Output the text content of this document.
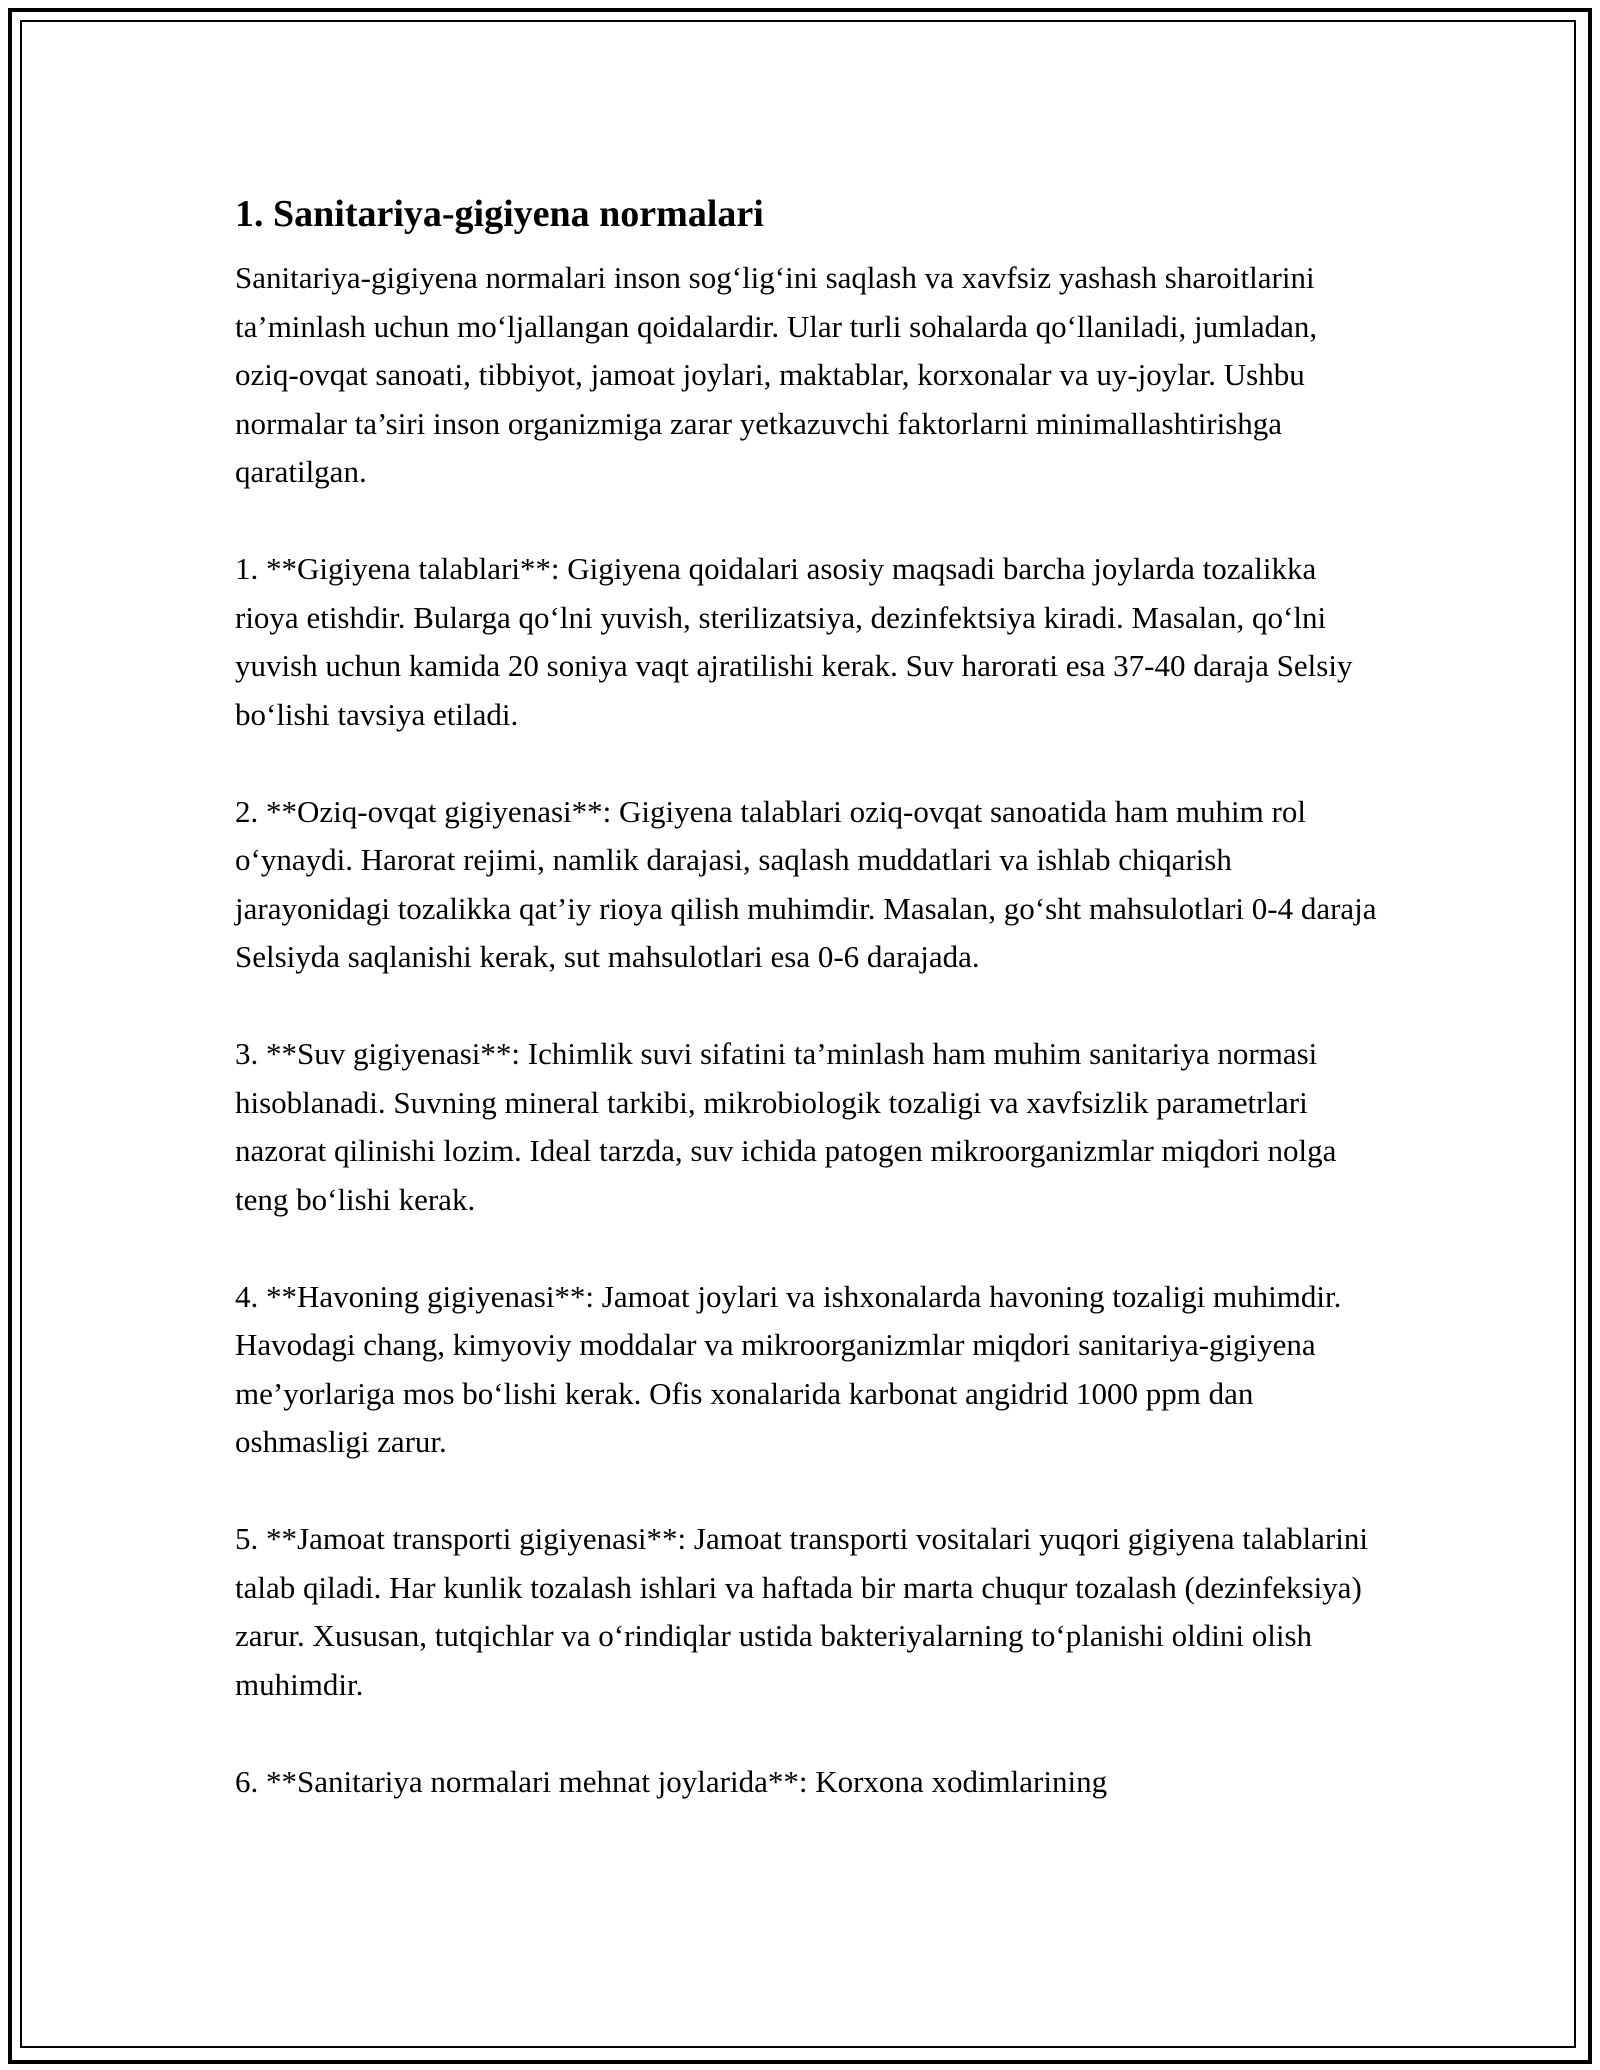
1. Sanitariya-gigiyena normalari

Sanitariya-gigiyena normalari inson sog‘lig‘ini saqlash va xavfsiz yashash sharoitlarini ta’minlash uchun mo‘ljallangan qoidalardir. Ular turli sohalarda qo‘llaniladi, jumladan, oziq-ovqat sanoati, tibbiyot, jamoat joylari, maktablar, korxonalar va uy-joylar. Ushbu normalar ta’siri inson organizmiga zarar yetkazuvchi faktorlarni minimallashtirishga qaratilgan.

1. **Gigiyena talablari**: Gigiyena qoidalari asosiy maqsadi barcha joylarda tozalikka rioya etishdir. Bularga qo‘lni yuvish, sterilizatsiya, dezinfektsiya kiradi. Masalan, qo‘lni yuvish uchun kamida 20 soniya vaqt ajratilishi kerak. Suv harorati esa 37-40 daraja Selsiy bo‘lishi tavsiya etiladi.

2. **Oziq-ovqat gigiyenasi**: Gigiyena talablari oziq-ovqat sanoatida ham muhim rol o‘ynaydi. Harorat rejimi, namlik darajasi, saqlash muddatlari va ishlab chiqarish jarayonidagi tozalikka qat’iy rioya qilish muhimdir. Masalan, go‘sht mahsulotlari 0-4 daraja Selsiyda saqlanishi kerak, sut mahsulotlari esa 0-6 darajada.

3. **Suv gigiyenasi**: Ichimlik suvi sifatini ta’minlash ham muhim sanitariya normasi hisoblanadi. Suvning mineral tarkibi, mikrobiologik tozaligi va xavfsizlik parametrlari nazorat qilinishi lozim. Ideal tarzda, suv ichida patogen mikroorganizmlar miqdori nolga teng bo‘lishi kerak.

4. **Havoning gigiyenasi**: Jamoat joylari va ishxonalarda havoning tozaligi muhimdir. Havodagi chang, kimyoviy moddalar va mikroorganizmlar miqdori sanitariya-gigiyena me’yorlariga mos bo‘lishi kerak. Ofis xonalarida karbonat angidrid 1000 ppm dan oshmasligi zarur.

5. **Jamoat transporti gigiyenasi**: Jamoat transporti vositalari yuqori gigiyena talablarini talab qiladi. Har kunlik tozalash ishlari va haftada bir marta chuqur tozalash (dezinfeksiya) zarur. Xususan, tutqichlar va o‘rindiqlar ustida bakteriyalarning to‘planishi oldini olish muhimdir.

6. **Sanitariya normalari mehnat joylarida**: Korxona xodimlarining
